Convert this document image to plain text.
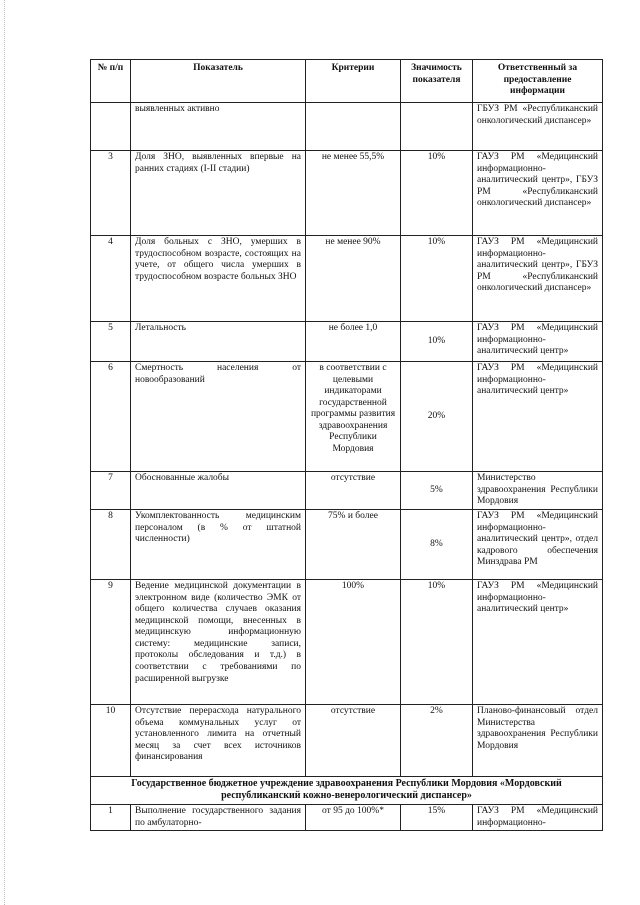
№ п/п	Показатель	Критерии	Значимость показателя	Ответственный за предоставление информации
	выявленных активно			ГБУЗ РМ «Республиканский онкологический диспансер»
3	Доля ЗНО, выявленных впервые на ранних стадиях (I-II стадии)	не менее 55,5%	10%	ГАУЗ РМ «Медицинский информационно-аналитический центр», ГБУЗ РМ «Республиканский онкологический диспансер»
4	Доля больных с ЗНО, умерших в трудоспособном возрасте, состоящих на учете, от общего числа умерших в трудоспособном возрасте больных ЗНО	не менее 90%	10%	ГАУЗ РМ «Медицинский информационно-аналитический центр», ГБУЗ РМ «Республиканский онкологический диспансер»
5	Летальность	не более 1,0	10%	ГАУЗ РМ «Медицинский информационно-аналитический центр»
6	Смертность населения от новообразований	в соответствии с целевыми индикаторами государственной программы развития здравоохранения Республики Мордовия	20%	ГАУЗ РМ «Медицинский информационно-аналитический центр»
7	Обоснованные жалобы	отсутствие	5%	Министерство здравоохранения Республики Мордовия
8	Укомплектованность медицинским персоналом (в % от штатной численности)	75% и более	8%	ГАУЗ РМ «Медицинский информационно-аналитический центр», отдел кадрового обеспечения Минздрава РМ
9	Ведение медицинской документации в электронном виде (количество ЭМК от общего количества случаев оказания медицинской помощи, внесенных в медицинскую информационную систему: медицинские записи, протоколы обследования и т.д.) в соответствии с требованиями по расширенной выгрузке	100%	10%	ГАУЗ РМ «Медицинский информационно-аналитический центр»
10	Отсутствие перерасхода натурального объема коммунальных услуг от установленного лимита на отчетный месяц за счет всех источников финансирования	отсутствие	2%	Планово-финансовый отдел Министерства здравоохранения Республики Мордовия
Государственное бюджетное учреждение здравоохранения Республики Мордовия «Мордовский республиканский кожно-венерологический диспансер»				
1	Выполнение государственного задания по амбулаторно-	от 95 до 100%*	15%	ГАУЗ РМ «Медицинский информационно-
